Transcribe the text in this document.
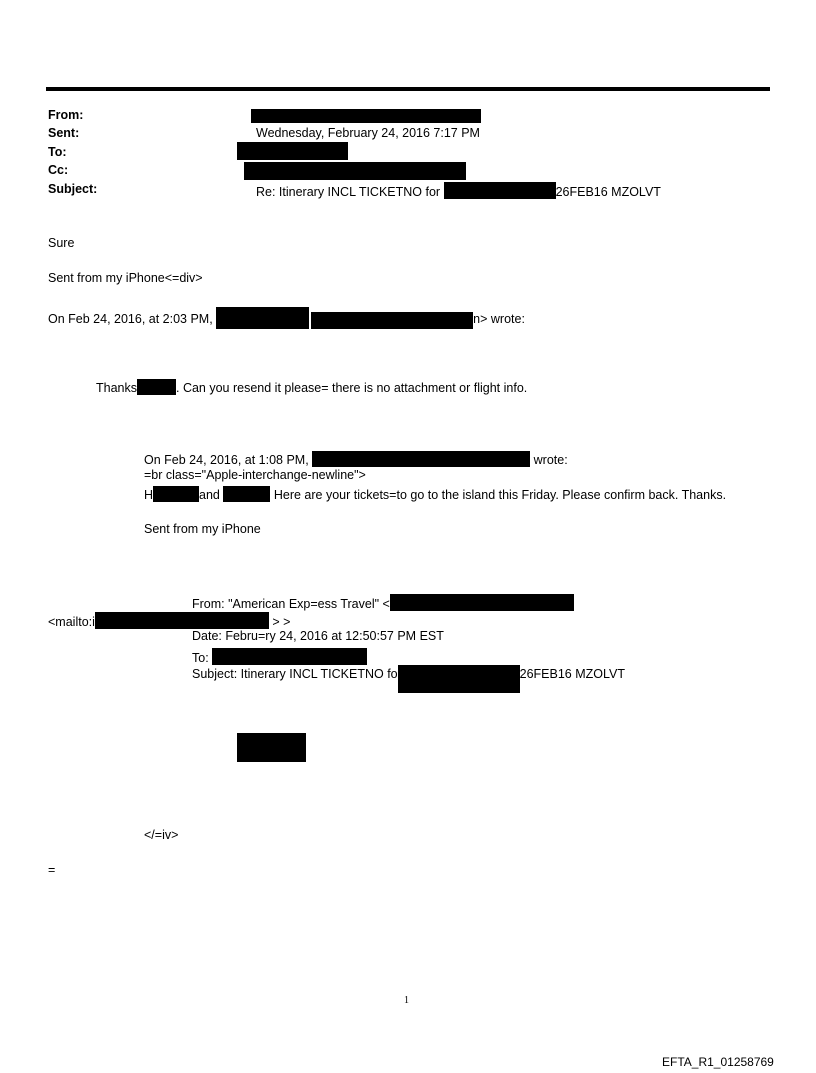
From:
Sent:	Wednesday, February 24, 2016 7:17 PM
To:
Cc:
Subject:	Re: Itinerary INCL TICKETNO for	26FEB16 MZOLVT
Sure
Sent from my iPhone<=div>
On Feb 24, 2016, at 2:03 PM,	n> wrote:
Thanks	. Can you resend it please= there is no attachment or flight info.
On Feb 24, 2016, at 1:08 PM,	wrote:
=br class="Apple-interchange-newline">
H	and	Here are your tickets=to go to the island this Friday. Please confirm back. Thanks.
Sent from my iPhone
From: "American Exp=ess Travel" <
<mailto:i	> >
Date: Febru=ry 24, 2016 at 12:50:57 PM EST
To:
Subject: Itinerary INCL TICKETNO fo	26FEB16 MZOLVT
</=iv>
=
1
EFTA_R1_01258769
